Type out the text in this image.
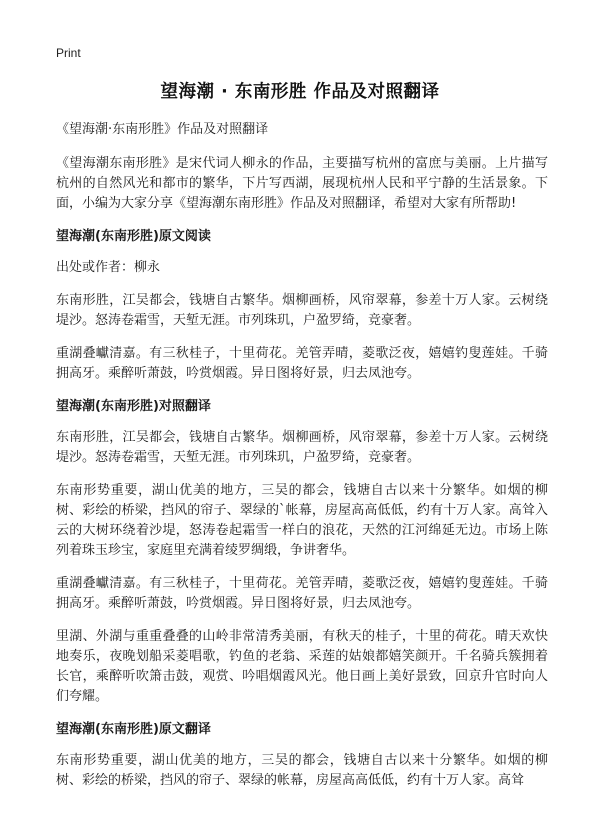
Print
望海潮 · 东南形胜 作品及对照翻译

《望海潮·东南形胜》作品及对照翻译

《望海潮东南形胜》是宋代词人柳永的作品，主要描写杭州的富庶与美丽。上片描写杭州的自然风光和都市的繁华，下片写西湖，展现杭州人民和平宁静的生活景象。下面，小编为大家分享《望海潮东南形胜》作品及对照翻译，希望对大家有所帮助!

望海潮(东南形胜)原文阅读

出处或作者：柳永

东南形胜，江吴都会，钱塘自古繁华。烟柳画桥，风帘翠幕，参差十万人家。云树绕堤沙。怒涛卷霜雪，天堑无涯。市列珠玑，户盈罗绮，竞豪奢。

重湖叠巘清嘉。有三秋桂子，十里荷花。羌管弄晴，菱歌泛夜，嬉嬉钓叟莲娃。千骑拥高牙。乘醉听萧鼓，吟赏烟霞。异日图将好景，归去凤池夸。

望海潮(东南形胜)对照翻译

东南形胜，江吴都会，钱塘自古繁华。烟柳画桥，风帘翠幕，参差十万人家。云树绕堤沙。怒涛卷霜雪，天堑无涯。市列珠玑，户盈罗绮，竞豪奢。

东南形势重要，湖山优美的地方，三吴的都会，钱塘自古以来十分繁华。如烟的柳树、彩绘的桥梁，挡风的帘子、翠绿的`帐幕，房屋高高低低，约有十万人家。高耸入云的大树环绕着沙堤，怒涛卷起霜雪一样白的浪花，天然的江河绵延无边。市场上陈列着珠玉珍宝，家庭里充满着绫罗绸缎，争讲奢华。

重湖叠巘清嘉。有三秋桂子，十里荷花。羌管弄晴，菱歌泛夜，嬉嬉钓叟莲娃。千骑拥高牙。乘醉听萧鼓，吟赏烟霞。异日图将好景，归去凤池夸。

里湖、外湖与重重叠叠的山岭非常清秀美丽，有秋天的桂子，十里的荷花。晴天欢快地奏乐，夜晚划船采菱唱歌，钓鱼的老翁、采莲的姑娘都嬉笑颜开。千名骑兵簇拥着长官，乘醉听吹箫击鼓，观赏、吟唱烟霞风光。他日画上美好景致，回京升官时向人们夸耀。

望海潮(东南形胜)原文翻译

东南形势重要，湖山优美的地方，三吴的都会，钱塘自古以来十分繁华。如烟的柳树、彩绘的桥梁，挡风的帘子、翠绿的帐幕，房屋高高低低，约有十万人家。高耸
